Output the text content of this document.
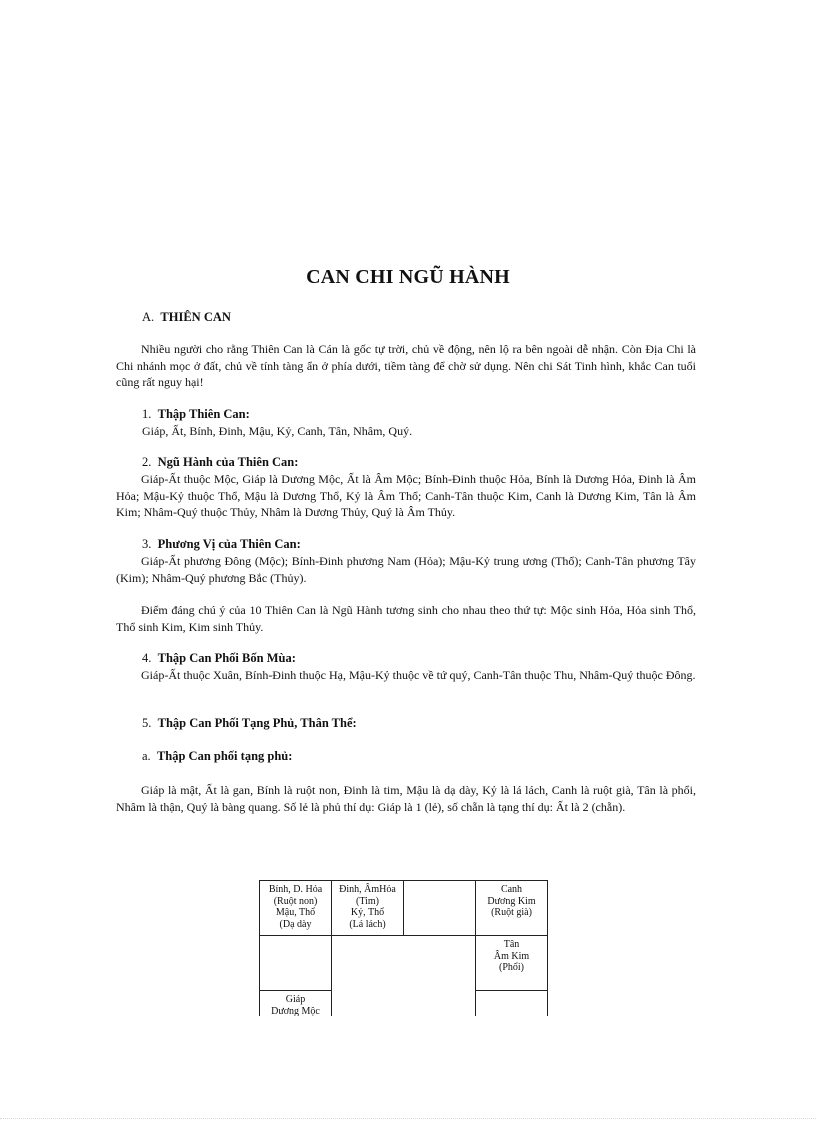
CAN CHI NGŨ HÀNH
A. THIÊN CAN
Nhiều người cho rằng Thiên Can là Cán là gốc tự trời, chủ về động, nên lộ ra bên ngoài dễ nhận. Còn Địa Chi là Chi nhánh mọc ở đất, chủ về tính tàng ẩn ở phía dưới, tiềm tàng để chờ sử dụng. Nên chi Sát Tinh hình, khắc Can tuổi cũng rất nguy hại!
1. Thập Thiên Can:
Giáp, Ất, Bính, Đinh, Mậu, Kỷ, Canh, Tân, Nhâm, Quý.
2. Ngũ Hành của Thiên Can:
Giáp-Ất thuộc Mộc, Giáp là Dương Mộc, Ất là Âm Mộc; Bính-Đinh thuộc Hỏa, Bính là Dương Hỏa, Đinh là Âm Hỏa; Mậu-Kỷ thuộc Thổ, Mậu là Dương Thổ, Kỷ là Âm Thổ; Canh-Tân thuộc Kim, Canh là Dương Kim, Tân là Âm Kim; Nhâm-Quý thuộc Thủy, Nhâm là Dương Thủy, Quý là Âm Thủy.
3. Phương Vị của Thiên Can:
Giáp-Ất phương Đông (Mộc); Bính-Đinh phương Nam (Hỏa); Mậu-Kỷ trung ương (Thổ); Canh-Tân phương Tây (Kim); Nhâm-Quý phương Bắc (Thủy).
Điểm đáng chú ý của 10 Thiên Can là Ngũ Hành tương sinh cho nhau theo thứ tự: Mộc sinh Hỏa, Hỏa sinh Thổ, Thổ sinh Kim, Kim sinh Thủy.
4. Thập Can Phối Bốn Mùa:
Giáp-Ất thuộc Xuân, Bính-Đinh thuộc Hạ, Mậu-Kỷ thuộc về tứ quý, Canh-Tân thuộc Thu, Nhâm-Quý thuộc Đông.
5. Thập Can Phối Tạng Phủ, Thân Thể:
a. Thập Can phối tạng phủ:
Giáp là mật, Ất là gan, Bính là ruột non, Đinh là tim, Mậu là dạ dày, Kỷ là lá lách, Canh là ruột già, Tân là phổi, Nhâm là thận, Quý là bàng quang. Số lẻ là phủ thí dụ: Giáp là 1 (lẻ), số chẵn là tạng thí dụ: Ất là 2 (chẵn).
Bính, D. Hỏa
(Ruột non)
Mậu, Thổ
(Dạ dày	Đinh, ÂmHỏa
(Tim)
Kỷ, Thổ
(Lá lách)		Canh
Dương Kim
(Ruột già)

			Tân
Âm Kim
(Phổi)

Giáp
Dương Mộc			
